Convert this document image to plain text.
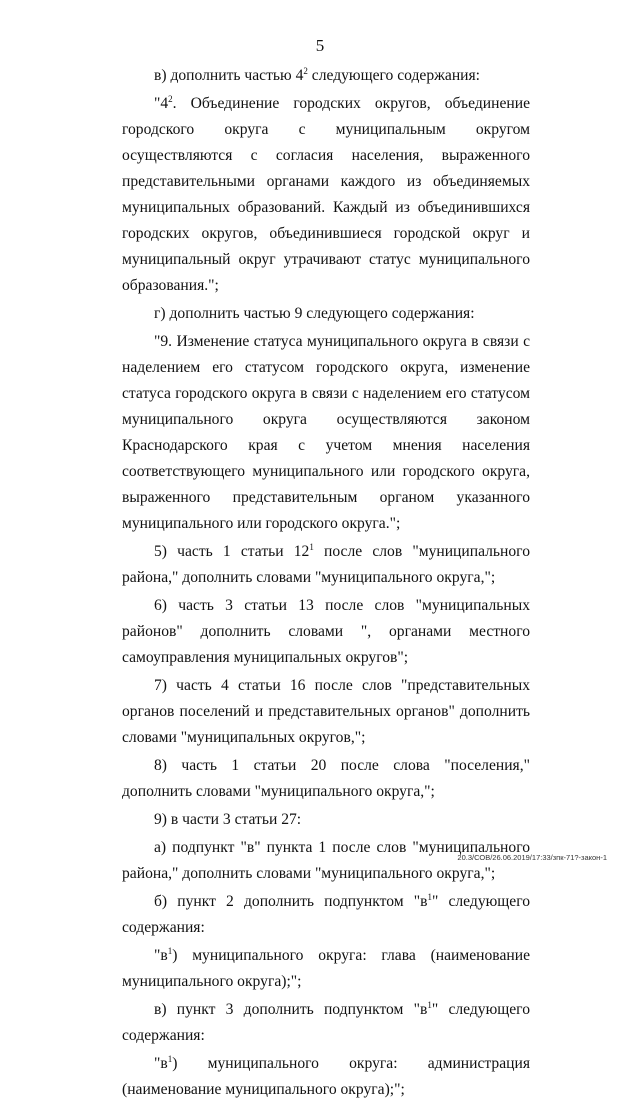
5

в) дополнить частью $4^2$ следующего содержания:

"$4^2$. Объединение городских округов, объединение городского округа с муниципальным округом осуществляются с согласия населения, выраженного представительными органами каждого из объединяемых муниципальных образований. Каждый из объединившихся городских округов, объединившиеся городской округ и муниципальный округ утрачивают статус муниципального образования.";

г) дополнить частью 9 следующего содержания:

"9. Изменение статуса муниципального округа в связи с наделением его статусом городского округа, изменение статуса городского округа в связи с наделением его статусом муниципального округа осуществляются законом Краснодарского края с учетом мнения населения соответствующего муниципального или городского округа, выраженного представительным органом указанного муниципального или городского округа.";

5) часть 1 статьи $12^1$ после слов "муниципального района," дополнить словами "муниципального округа,";

6) часть 3 статьи 13 после слов "муниципальных районов" дополнить словами ", органами местного самоуправления муниципальных округов";

7) часть 4 статьи 16 после слов "представительных органов поселений и представительных органов" дополнить словами "муниципальных округов,";

8) часть 1 статьи 20 после слова "поселения," дополнить словами "муниципального округа,";

9) в части 3 статьи 27:

а) подпункт "в" пункта 1 после слов "муниципального района," дополнить словами "муниципального округа,";

б) пункт 2 дополнить подпунктом "$в^1$" следующего содержания:

"$в^1$) муниципального округа: глава (наименование муниципального округа);";

в) пункт 3 дополнить подпунктом "$в^1$" следующего содержания:

"$в^1$) муниципального округа: администрация (наименование муниципального округа);";

20.3/СОВ/26.06.2019/17:33/зпк-71?-закон-1
